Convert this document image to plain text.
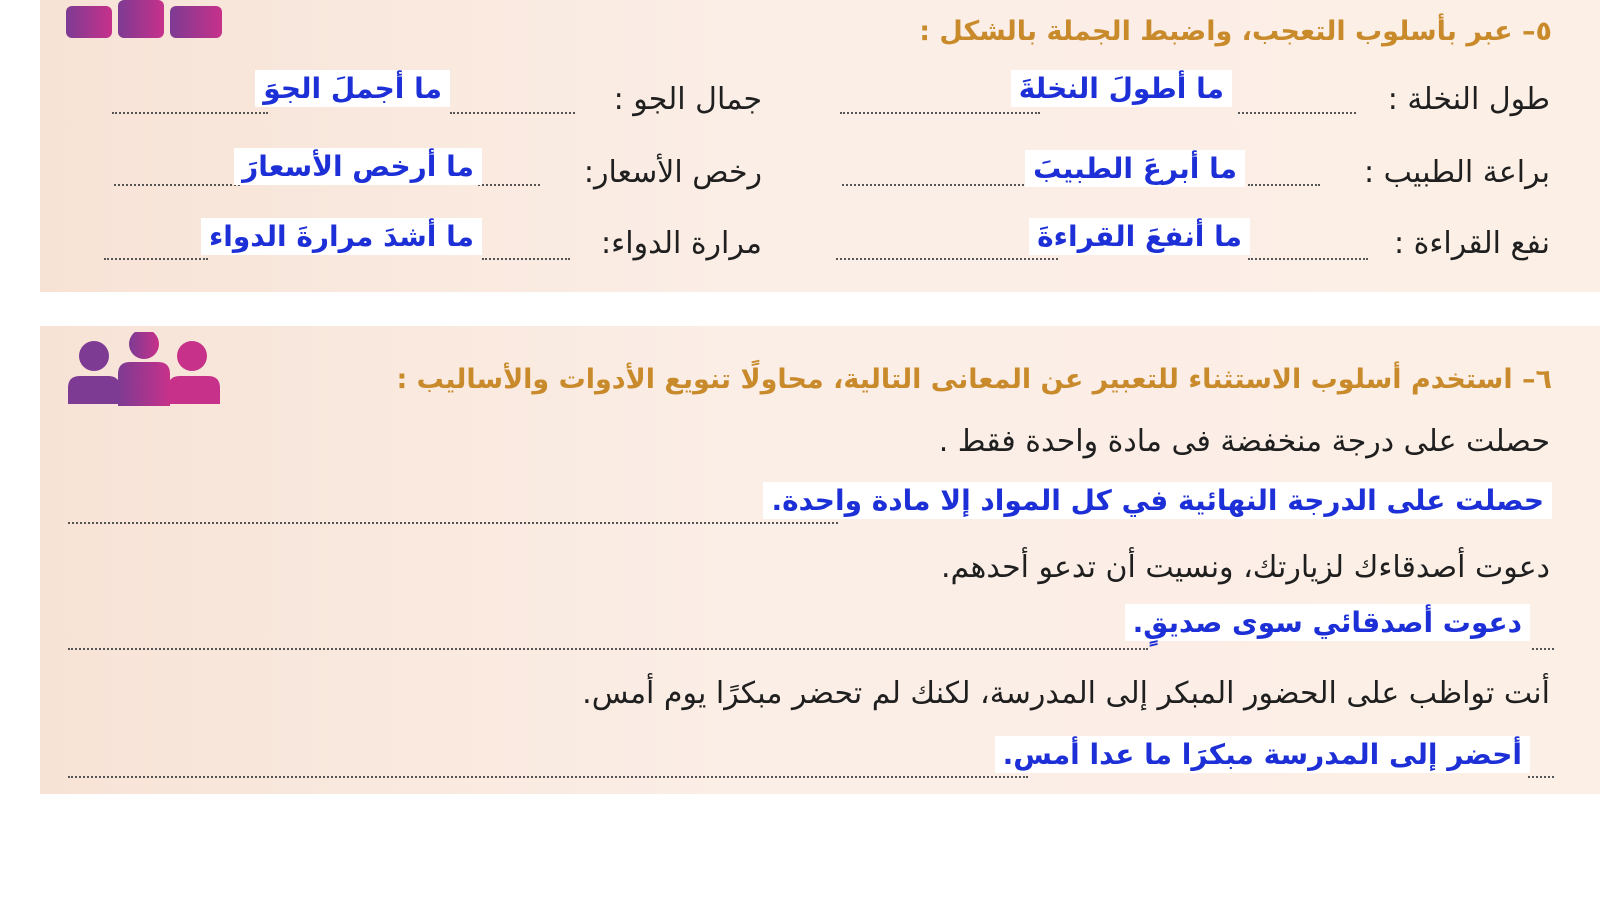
٥– عبر بأسلوب التعجب، واضبط الجملة بالشكل :
طول النخلة :
ما أطولَ النخلةَ
جمال الجو :
ما أجملَ الجوَ
براعة الطبيب :
ما أبرعَ الطبيبَ
رخص الأسعار:
ما أرخص الأسعارَ
نفع القراءة :
ما أنفعَ القراءةَ
مرارة الدواء:
ما أشدَ مرارةَ الدواء
٦– استخدم أسلوب الاستثناء للتعبير عن المعانى التالية، محاولًا تنويع الأدوات والأساليب :
حصلت على درجة منخفضة فى مادة واحدة فقط .
حصلت على الدرجة النهائية في كل المواد إلا مادة واحدة.
دعوت أصدقاءك لزيارتك، ونسيت أن تدعو أحدهم.
دعوت أصدقائي سوى صديقٍ.
أنت تواظب على الحضور المبكر إلى المدرسة، لكنك لم تحضر مبكرًا يوم أمس.
أحضر إلى المدرسة مبكرَا ما عدا أمس.
